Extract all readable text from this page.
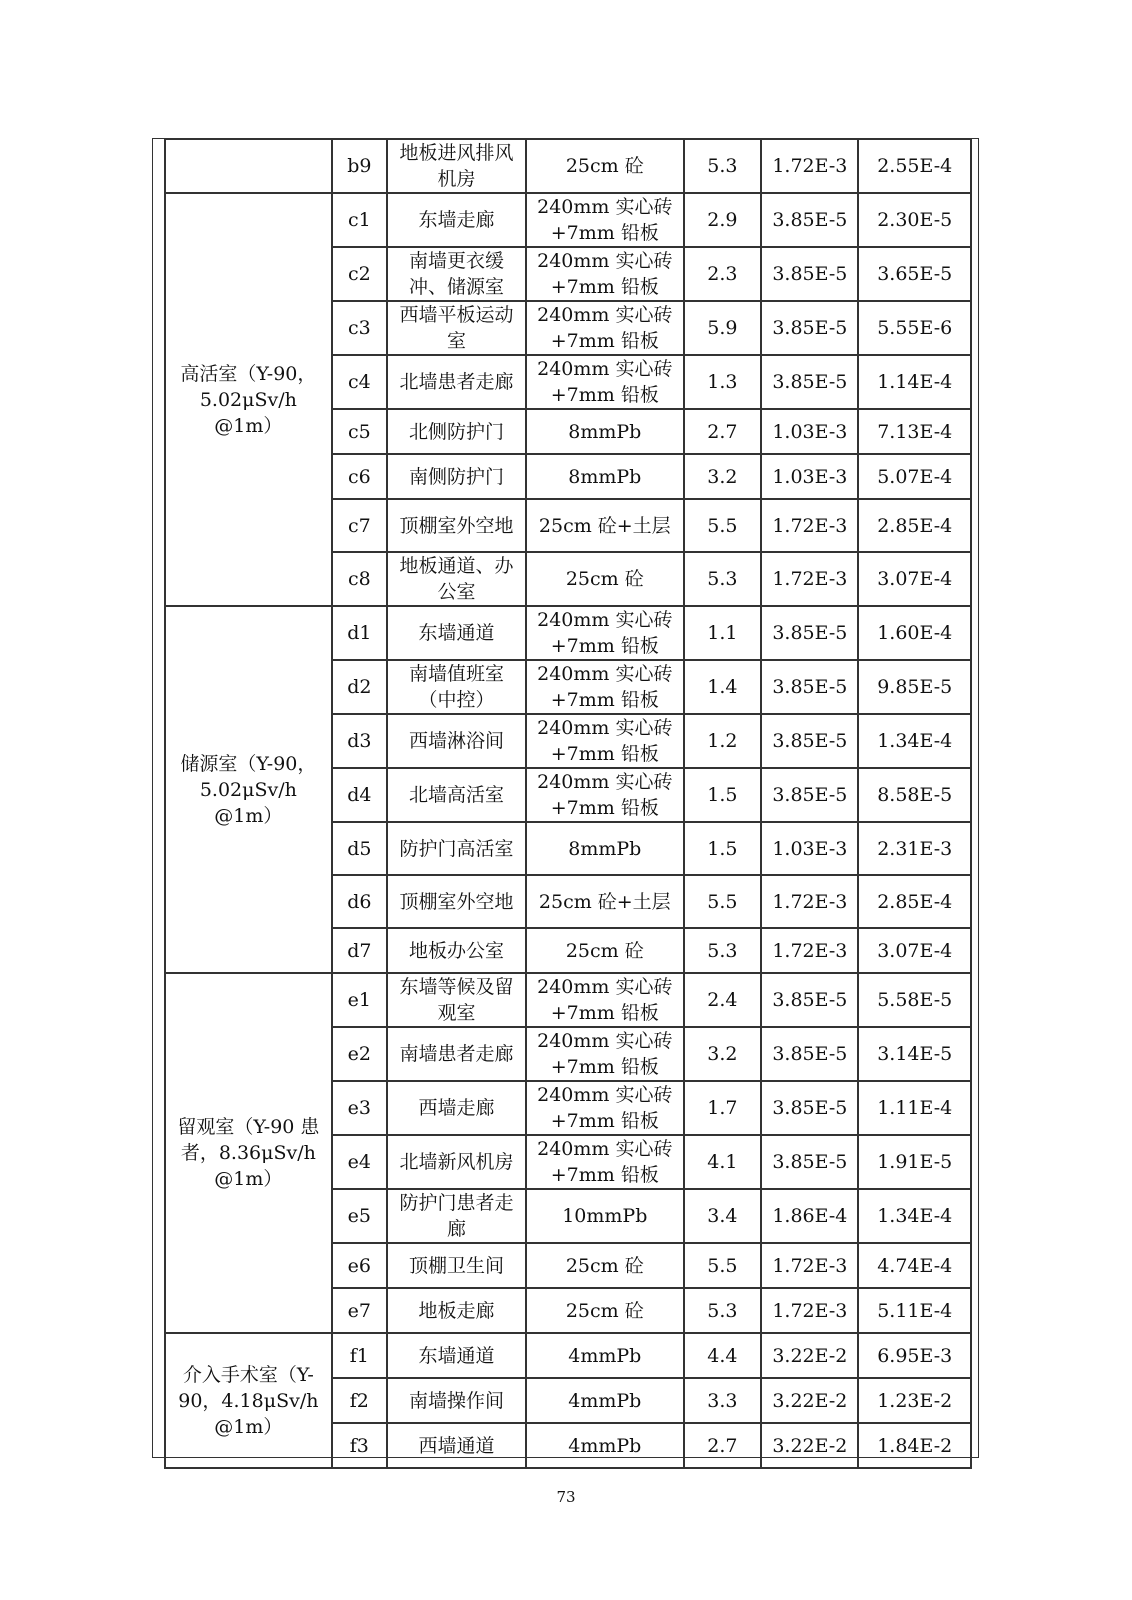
	b9	地板进风排风机房	25cm 砼	5.3	1.72E-3	2.55E-4
高活室（Y-90，5.02μSv/h @1m）	c1	东墙走廊	240mm 实心砖 +7mm 铅板	2.9	3.85E-5	2.30E-5
	c2	南墙更衣缓冲、储源室	240mm 实心砖 +7mm 铅板	2.3	3.85E-5	3.65E-5
	c3	西墙平板运动室	240mm 实心砖 +7mm 铅板	5.9	3.85E-5	5.55E-6
	c4	北墙患者走廊	240mm 实心砖 +7mm 铅板	1.3	3.85E-5	1.14E-4
	c5	北侧防护门	8mmPb	2.7	1.03E-3	7.13E-4
	c6	南侧防护门	8mmPb	3.2	1.03E-3	5.07E-4
	c7	顶棚室外空地	25cm 砼+土层	5.5	1.72E-3	2.85E-4
	c8	地板通道、办公室	25cm 砼	5.3	1.72E-3	3.07E-4
储源室（Y-90，5.02μSv/h @1m）	d1	东墙通道	240mm 实心砖 +7mm 铅板	1.1	3.85E-5	1.60E-4
	d2	南墙值班室（中控）	240mm 实心砖 +7mm 铅板	1.4	3.85E-5	9.85E-5
	d3	西墙淋浴间	240mm 实心砖 +7mm 铅板	1.2	3.85E-5	1.34E-4
	d4	北墙高活室	240mm 实心砖 +7mm 铅板	1.5	3.85E-5	8.58E-5
	d5	防护门高活室	8mmPb	1.5	1.03E-3	2.31E-3
	d6	顶棚室外空地	25cm 砼+土层	5.5	1.72E-3	2.85E-4
	d7	地板办公室	25cm 砼	5.3	1.72E-3	3.07E-4
留观室（Y-90 患者，8.36μSv/h @1m）	e1	东墙等候及留观室	240mm 实心砖 +7mm 铅板	2.4	3.85E-5	5.58E-5
	e2	南墙患者走廊	240mm 实心砖 +7mm 铅板	3.2	3.85E-5	3.14E-5
	e3	西墙走廊	240mm 实心砖 +7mm 铅板	1.7	3.85E-5	1.11E-4
	e4	北墙新风机房	240mm 实心砖 +7mm 铅板	4.1	3.85E-5	1.91E-5
	e5	防护门患者走廊	10mmPb	3.4	1.86E-4	1.34E-4
	e6	顶棚卫生间	25cm 砼	5.5	1.72E-3	4.74E-4
	e7	地板走廊	25cm 砼	5.3	1.72E-3	5.11E-4
介入手术室（Y-90，4.18μSv/h @1m）	f1	东墙通道	4mmPb	4.4	3.22E-2	6.95E-3
	f2	南墙操作间	4mmPb	3.3	3.22E-2	1.23E-2
	f3	西墙通道	4mmPb	2.7	3.22E-2	1.84E-2
73
